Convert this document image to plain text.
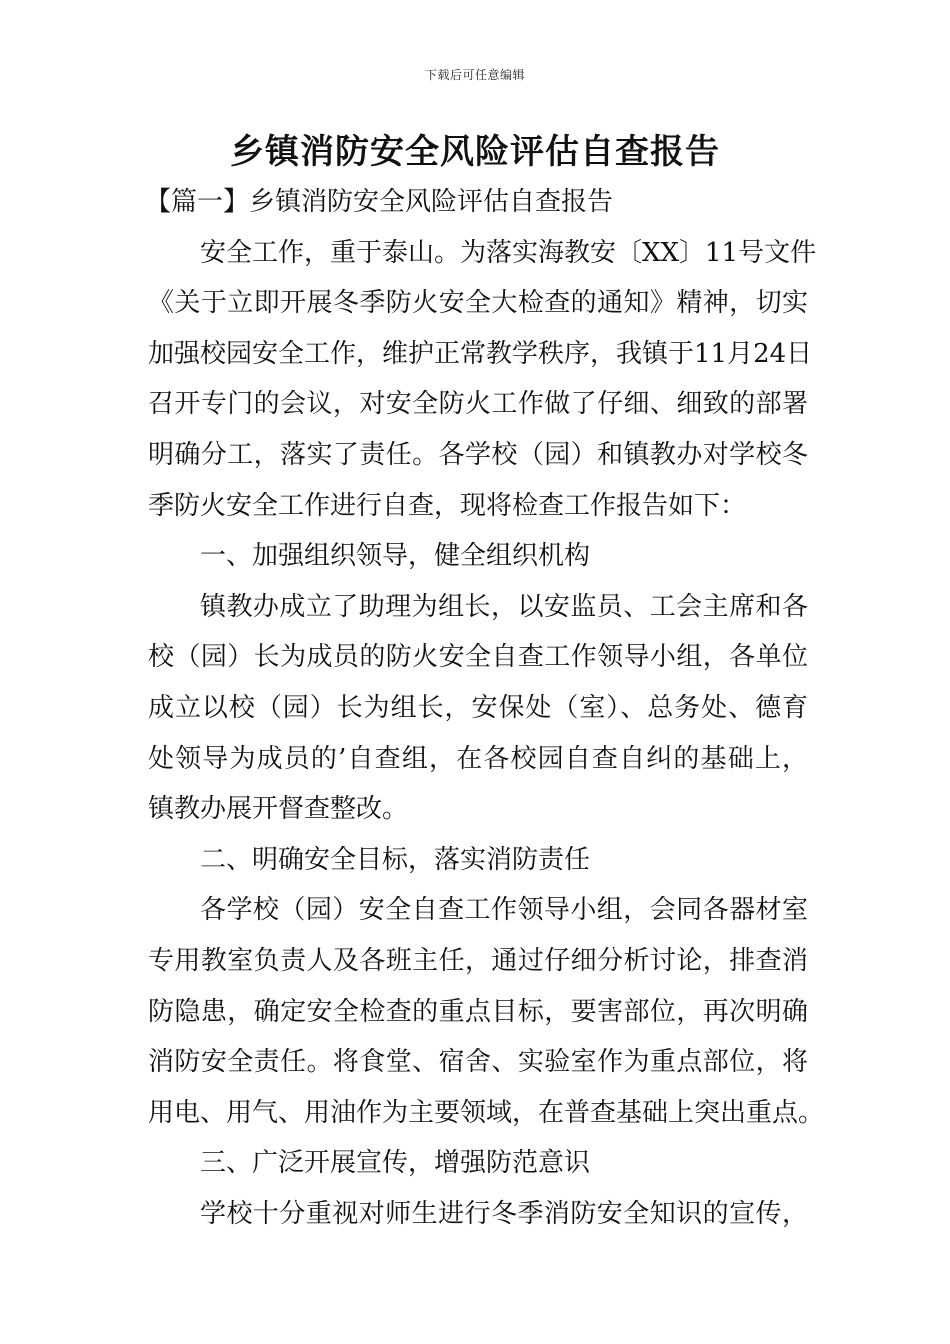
下载后可任意编辑
乡镇消防安全风险评估自查报告
【篇一】乡镇消防安全风险评估自查报告
安全工作，重于泰山。为落实海教安〔XX〕11号文件
《关于立即开展冬季防火安全大检查的通知》精神，切实
加强校园安全工作，维护正常教学秩序，我镇于11月24日
召开专门的会议，对安全防火工作做了仔细、细致的部署
明确分工，落实了责任。各学校（园）和镇教办对学校冬
季防火安全工作进行自查，现将检查工作报告如下：
一、加强组织领导，健全组织机构
镇教办成立了助理为组长，以安监员、工会主席和各
校（园）长为成员的防火安全自查工作领导小组，各单位
成立以校（园）长为组长，安保处（室）、总务处、德育
处领导为成员的’自查组，在各校园自查自纠的基础上，
镇教办展开督查整改。
二、明确安全目标，落实消防责任
各学校（园）安全自查工作领导小组，会同各器材室
专用教室负责人及各班主任，通过仔细分析讨论，排查消
防隐患，确定安全检查的重点目标，要害部位，再次明确
消防安全责任。将食堂、宿舍、实验室作为重点部位，将
用电、用气、用油作为主要领域，在普查基础上突出重点。
三、广泛开展宣传，增强防范意识
学校十分重视对师生进行冬季消防安全知识的宣传，
